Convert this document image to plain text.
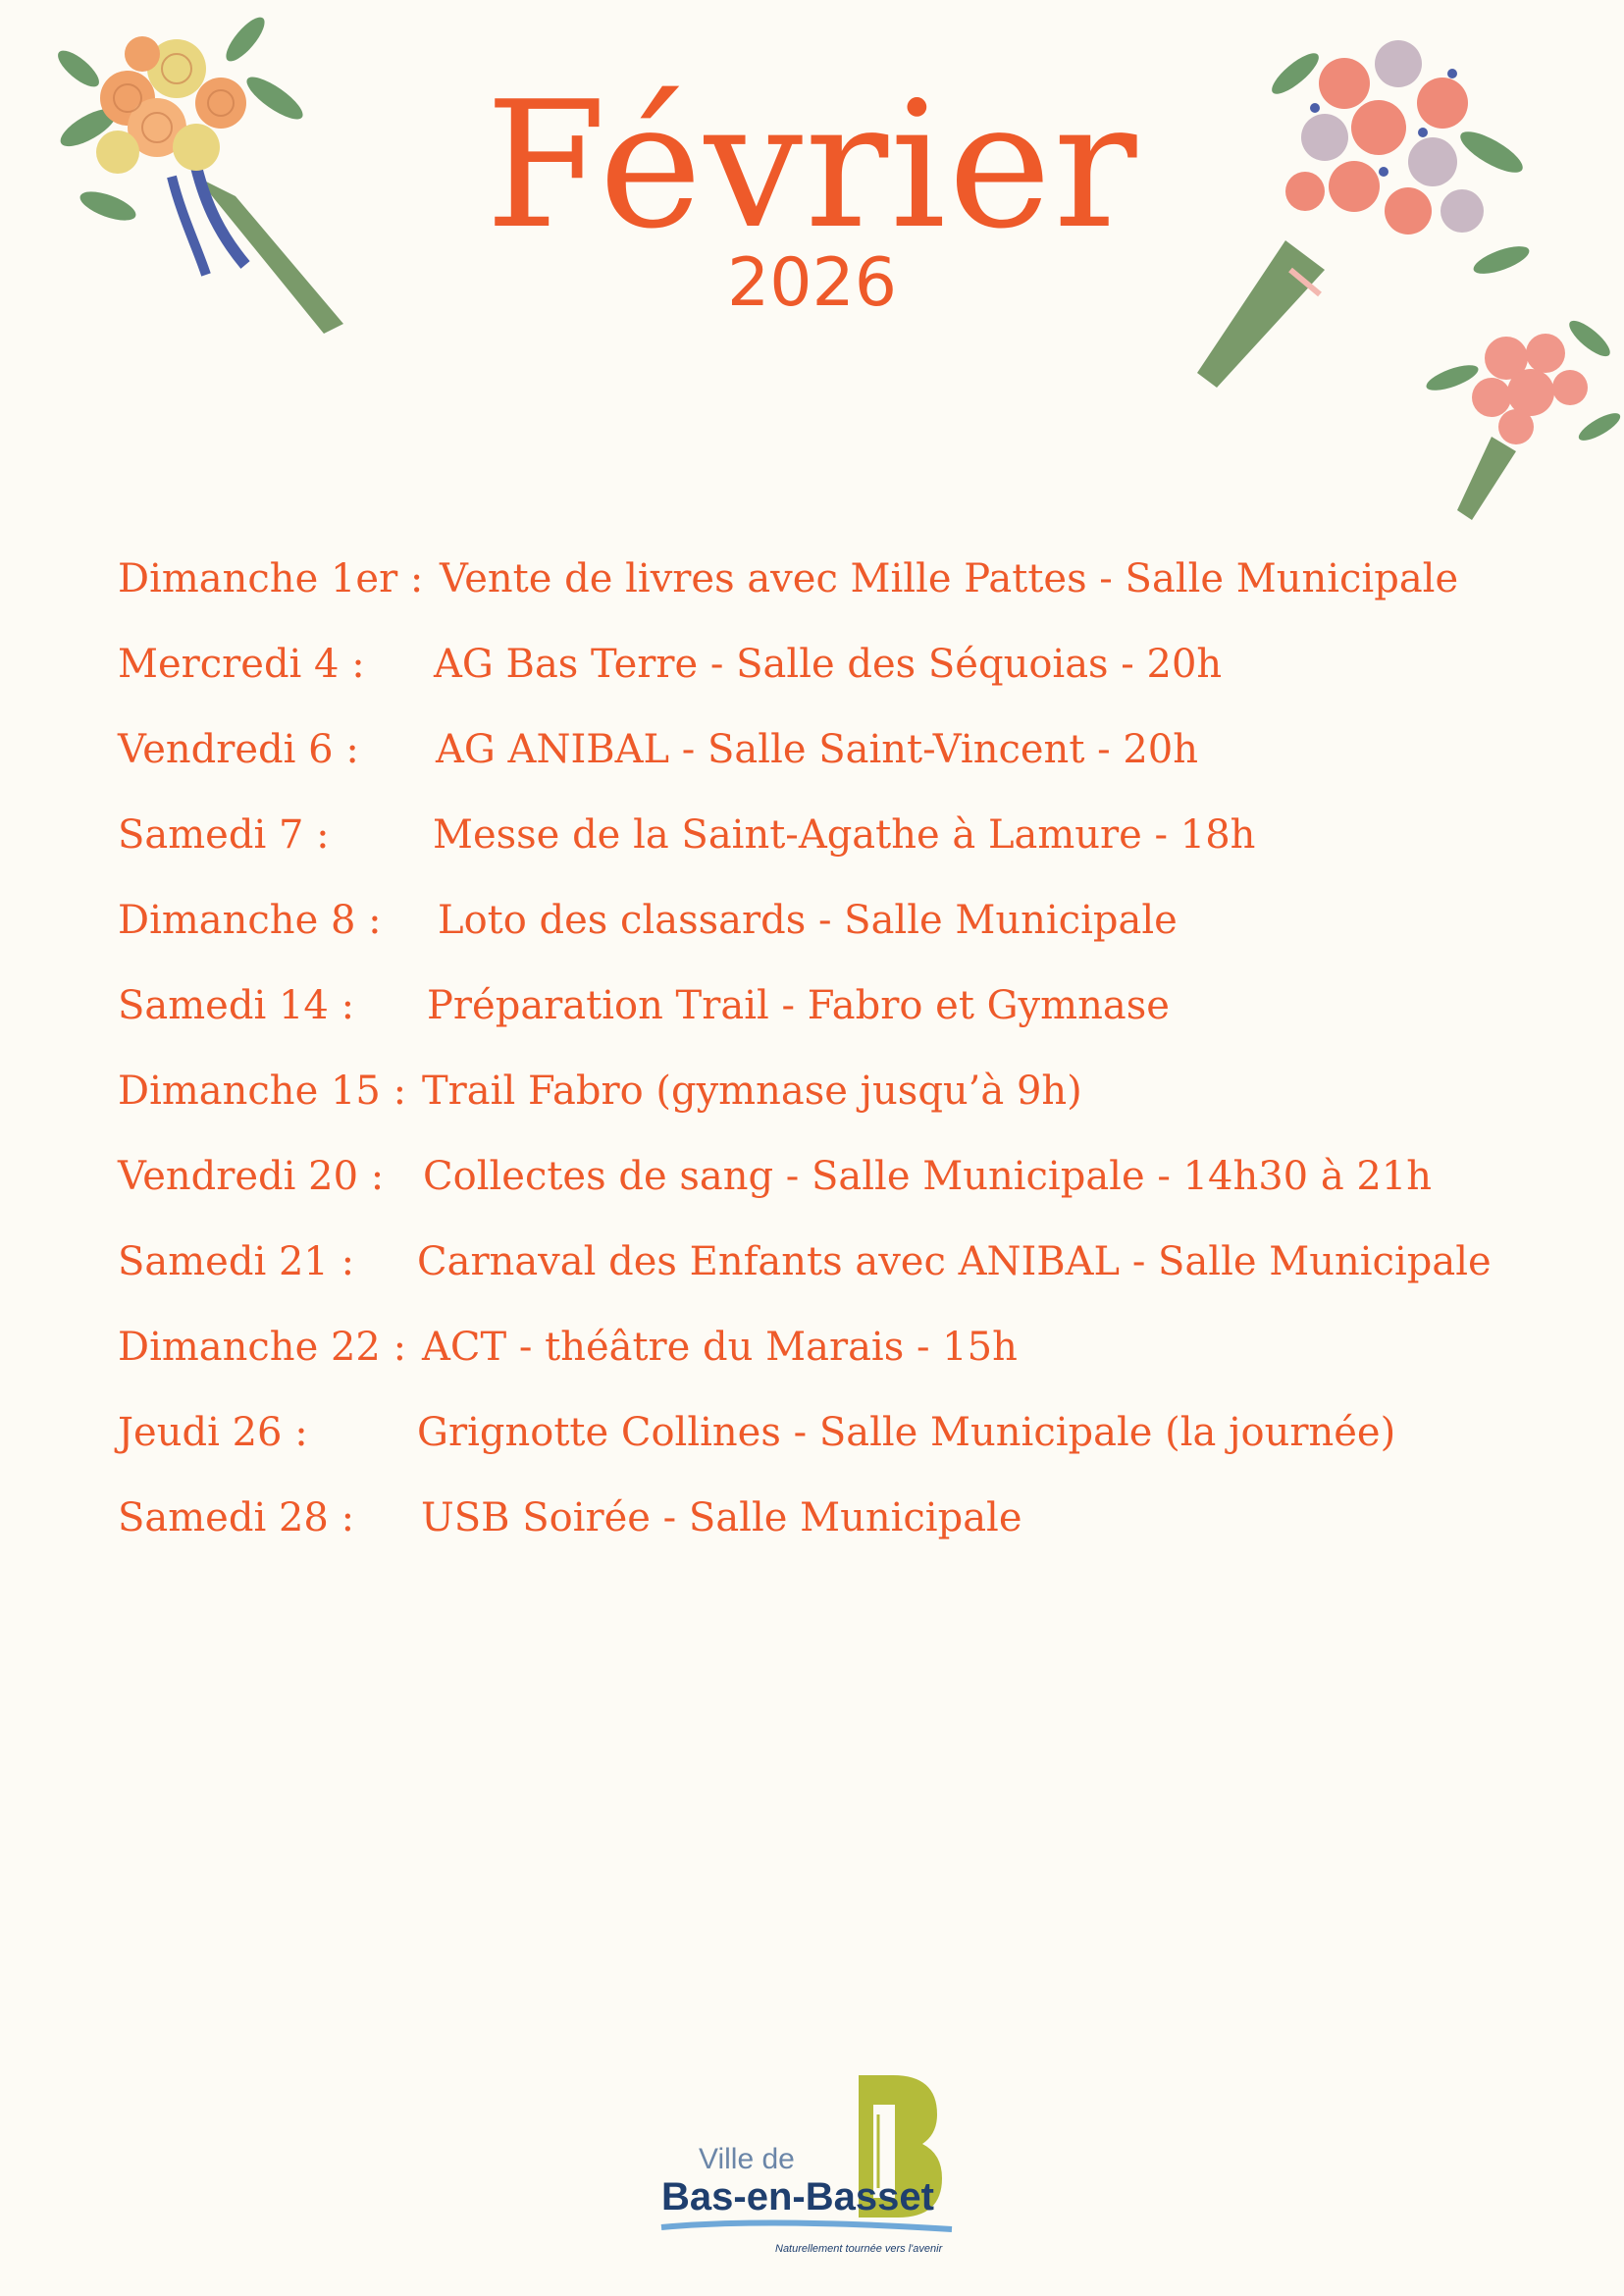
Février
2026
Dimanche 1er : Vente de livres avec Mille Pattes - Salle Municipale
Mercredi 4 : AG Bas Terre - Salle des Séquoias - 20h
Vendredi 6 : AG ANIBAL - Salle Saint-Vincent - 20h
Samedi 7 :	Messe de la Saint-Agathe à Lamure - 18h
Dimanche 8 : Loto des classards - Salle Municipale
Samedi 14 : Préparation Trail - Fabro et Gymnase
Dimanche 15 : Trail Fabro (gymnase jusqu’à 9h)
Vendredi 20 : Collectes de sang - Salle Municipale - 14h30 à 21h
Samedi 21 : Carnaval des Enfants avec ANIBAL - Salle Municipale
Dimanche 22 : ACT - théâtre du Marais - 15h
Jeudi 26 :	Grignotte Collines - Salle Municipale (la journée)
Samedi 28 : USB Soirée - Salle Municipale
Ville de
Bas-en-Basset
Naturellement tournée vers l'avenir
